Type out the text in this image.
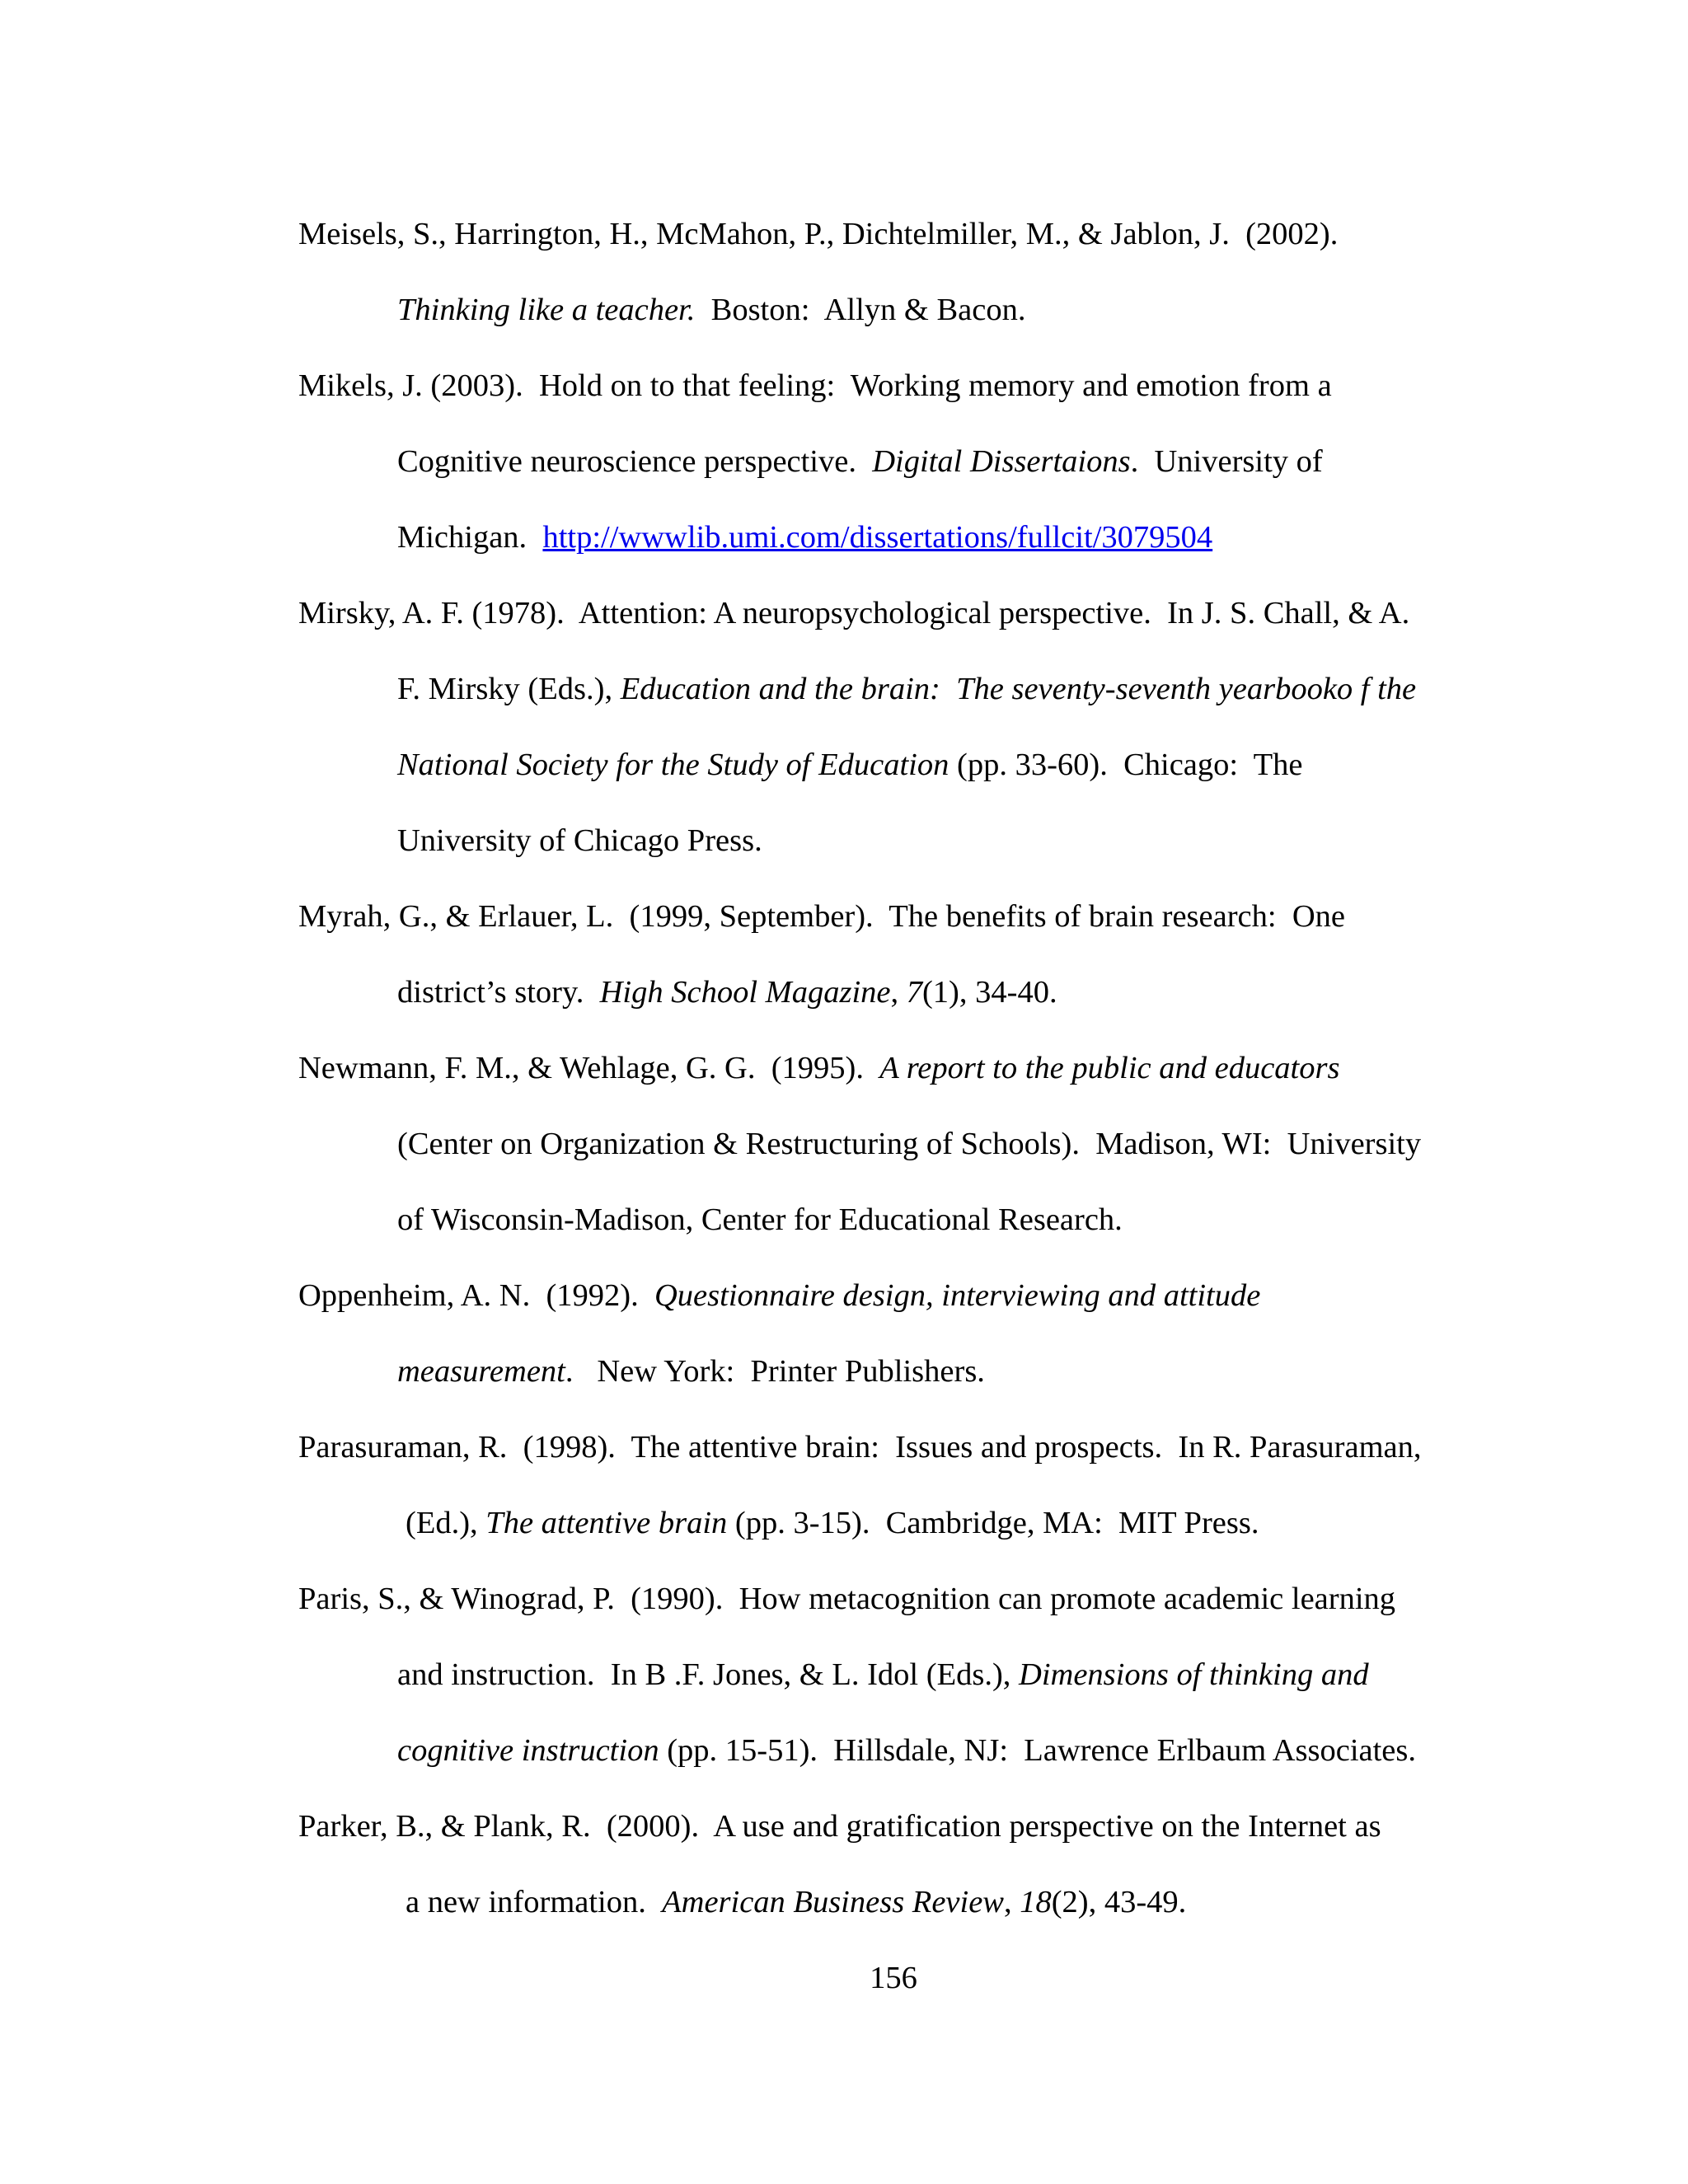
Meisels, S., Harrington, H., McMahon, P., Dichtelmiller, M., & Jablon, J.  (2002).
Thinking like a teacher.  Boston:  Allyn & Bacon.
Mikels, J. (2003).  Hold on to that feeling:  Working memory and emotion from a
Cognitive neuroscience perspective.  Digital Dissertaions.  University of
Michigan.  http://wwwlib.umi.com/dissertations/fullcit/3079504
Mirsky, A. F. (1978).  Attention: A neuropsychological perspective.  In J. S. Chall, & A.
F. Mirsky (Eds.), Education and the brain:  The seventy-seventh yearbooko f the
National Society for the Study of Education (pp. 33-60).  Chicago:  The
University of Chicago Press.
Myrah, G., & Erlauer, L.  (1999, September).  The benefits of brain research:  One
district’s story.  High School Magazine, 7(1), 34-40.
Newmann, F. M., & Wehlage, G. G.  (1995).  A report to the public and educators
(Center on Organization & Restructuring of Schools).  Madison, WI:  University
of Wisconsin-Madison, Center for Educational Research.
Oppenheim, A. N.  (1992).  Questionnaire design, interviewing and attitude
measurement.   New York:  Printer Publishers.
Parasuraman, R.  (1998).  The attentive brain:  Issues and prospects.  In R. Parasuraman,
(Ed.), The attentive brain (pp. 3-15).  Cambridge, MA:  MIT Press.
Paris, S., & Winograd, P.  (1990).  How metacognition can promote academic learning
and instruction.  In B .F. Jones, & L. Idol (Eds.), Dimensions of thinking and
cognitive instruction (pp. 15-51).  Hillsdale, NJ:  Lawrence Erlbaum Associates.
Parker, B., & Plank, R.  (2000).  A use and gratification perspective on the Internet as
a new information.  American Business Review, 18(2), 43-49.
156
